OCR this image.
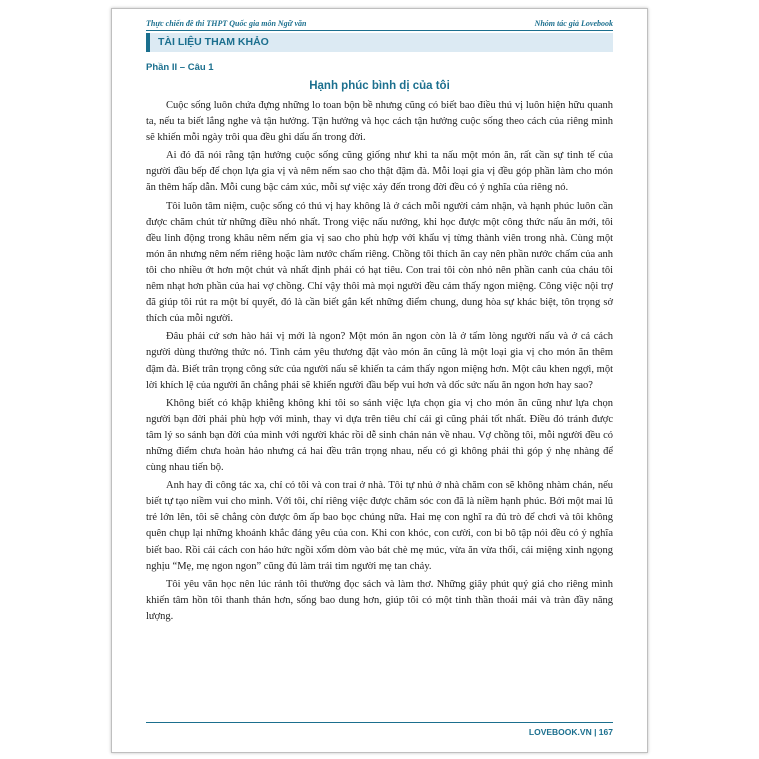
Thực chiến đề thi THPT Quốc gia môn Ngữ văn	Nhóm tác giả Lovebook
TÀI LIỆU THAM KHẢO
Phần II – Câu 1
Hạnh phúc bình dị của tôi

Cuộc sống luôn chứa đựng những lo toan bộn bề nhưng cũng có biết bao điều thú vị luôn hiện hữu quanh ta, nếu ta biết lắng nghe và tận hưởng. Tận hưởng và học cách tận hưởng cuộc sống theo cách của riêng mình sẽ khiến mỗi ngày trôi qua đều ghi dấu ấn trong đời.

Ai đó đã nói rằng tận hưởng cuộc sống cũng giống như khi ta nấu một món ăn, rất cần sự tinh tế của người đầu bếp để chọn lựa gia vị và nêm nếm sao cho thật đậm đà. Mỗi loại gia vị đều góp phần làm cho món ăn thêm hấp dẫn. Mỗi cung bậc cảm xúc, mỗi sự việc xảy đến trong đời đều có ý nghĩa của riêng nó.

Tôi luôn tâm niệm, cuộc sống có thú vị hay không là ở cách mỗi người cảm nhận, và hạnh phúc luôn cần được chăm chút từ những điều nhỏ nhất. Trong việc nấu nướng, khi học được một công thức nấu ăn mới, tôi đều linh động trong khâu nêm nếm gia vị sao cho phù hợp với khẩu vị từng thành viên trong nhà. Cùng một món ăn nhưng nêm nếm riêng hoặc làm nước chấm riêng. Chồng tôi thích ăn cay nên phần nước chấm của anh tôi cho nhiều ớt hơn một chút và nhất định phải có hạt tiêu. Con trai tôi còn nhỏ nên phần canh của cháu tôi nêm nhạt hơn phần của hai vợ chồng. Chỉ vậy thôi mà mọi người đều cảm thấy ngon miệng. Công việc nội trợ đã giúp tôi rút ra một bí quyết, đó là cần biết gắn kết những điểm chung, dung hòa sự khác biệt, tôn trọng sở thích của mỗi người.

Đâu phải cứ sơn hào hải vị mới là ngon? Một món ăn ngon còn là ở tấm lòng người nấu và ở cả cách người dùng thưởng thức nó. Tình cảm yêu thương đặt vào món ăn cũng là một loại gia vị cho món ăn thêm đậm đà. Biết trân trọng công sức của người nấu sẽ khiến ta cảm thấy ngon miệng hơn. Một câu khen ngợi, một lời khích lệ của người ăn chẳng phải sẽ khiến người đầu bếp vui hơn và dốc sức nấu ăn ngon hơn hay sao?

Không biết có khập khiễng không khi tôi so sánh việc lựa chọn gia vị cho món ăn cũng như lựa chọn người bạn đời phải phù hợp với mình, thay vì dựa trên tiêu chí cái gì cũng phải tốt nhất. Điều đó tránh được tâm lý so sánh bạn đời của mình với người khác rồi dễ sinh chán nản về nhau. Vợ chồng tôi, mỗi người đều có những điểm chưa hoàn hảo nhưng cả hai đều trân trọng nhau, nếu có gì không phải thì góp ý nhẹ nhàng để cùng nhau tiến bộ.

Anh hay đi công tác xa, chỉ có tôi và con trai ở nhà. Tôi tự nhủ ở nhà chăm con sẽ không nhàm chán, nếu biết tự tạo niềm vui cho mình. Với tôi, chỉ riêng việc được chăm sóc con đã là niềm hạnh phúc. Bởi một mai lũ trẻ lớn lên, tôi sẽ chẳng còn được ôm ấp bao bọc chúng nữa. Hai mẹ con nghĩ ra đủ trò để chơi và tôi không quên chụp lại những khoảnh khắc đáng yêu của con. Khi con khóc, con cười, con bi bô tập nói đều có ý nghĩa biết bao. Rồi cái cách con háo hức ngồi xổm dòm vào bát chè mẹ múc, vừa ăn vừa thổi, cái miệng xinh ngọng nghịu “Mẹ, mẹ ngon ngon” cũng đủ làm trái tim người mẹ tan chảy.

Tôi yêu văn học nên lúc rảnh tôi thường đọc sách và làm thơ. Những giây phút quý giá cho riêng mình khiến tâm hồn tôi thanh thản hơn, sống bao dung hơn, giúp tôi có một tinh thần thoải mái và tràn đầy năng lượng.

LOVEBOOK.VN | 167
